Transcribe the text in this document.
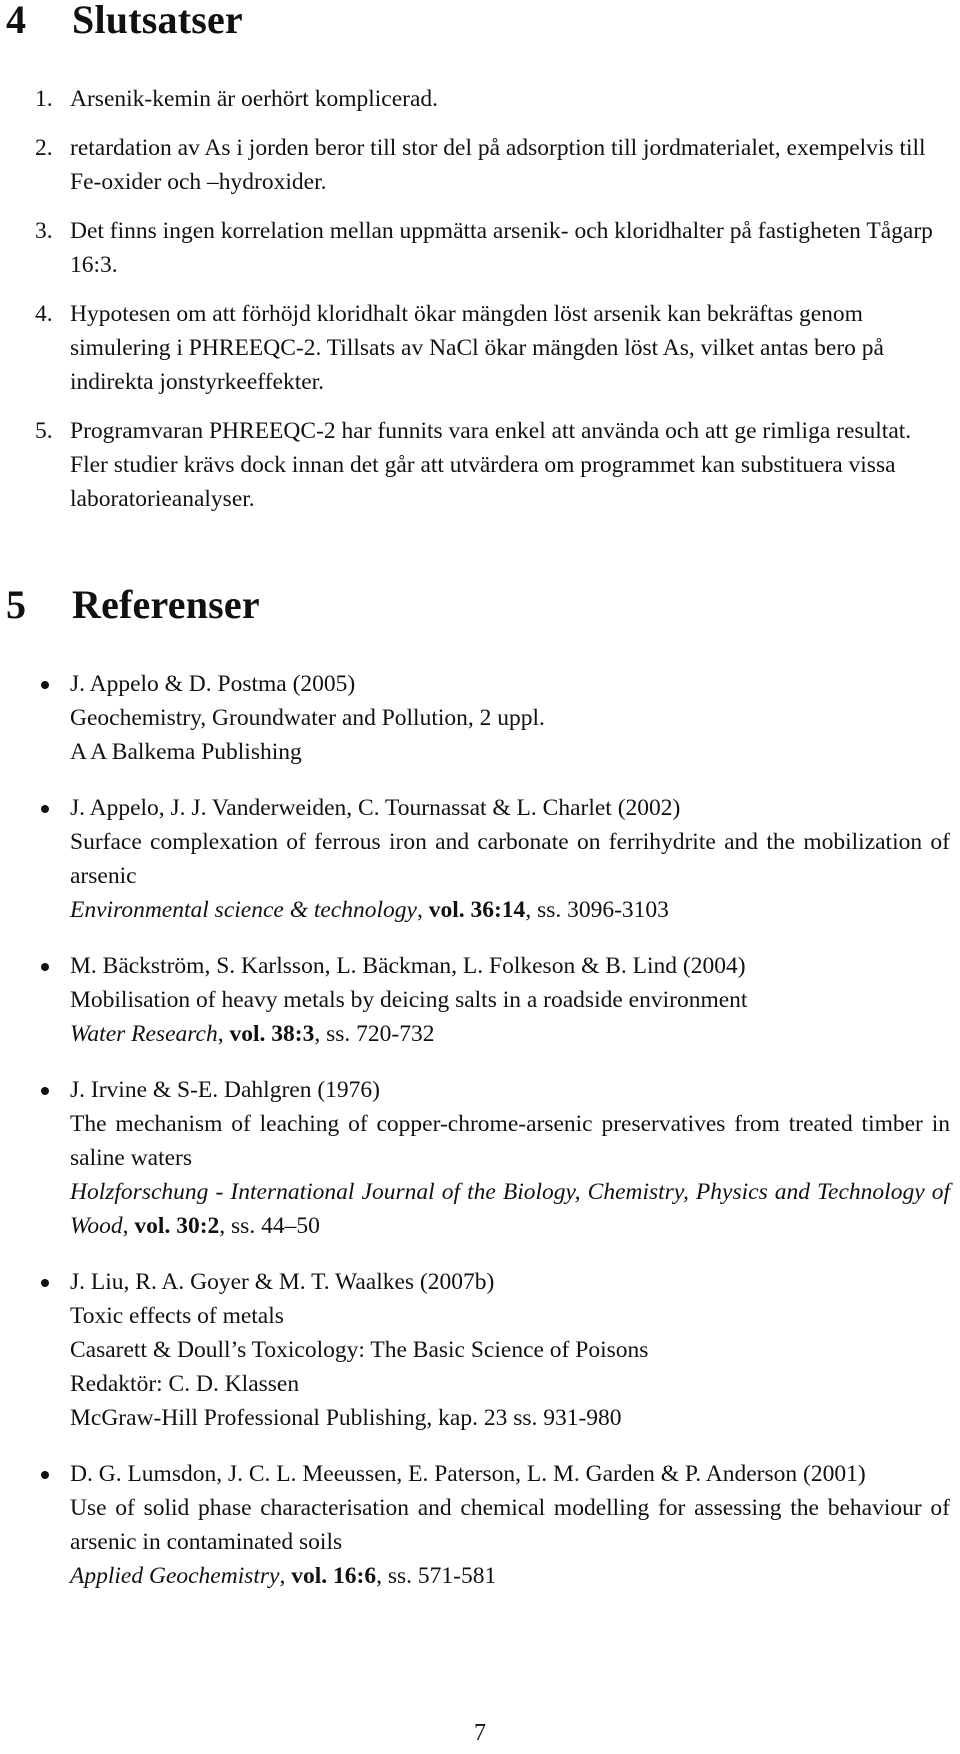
4 Slutsatser
1. Arsenik-kemin är oerhört komplicerad.
2. retardation av As i jorden beror till stor del på adsorption till jordmaterialet, exempelvis till Fe-oxider och –hydroxider.
3. Det finns ingen korrelation mellan uppmätta arsenik- och kloridhalter på fastigheten Tågarp 16:3.
4. Hypotesen om att förhöjd kloridhalt ökar mängden löst arsenik kan bekräftas genom simulering i PHREEQC-2. Tillsats av NaCl ökar mängden löst As, vilket antas bero på indirekta jonstyrkeeffekter.
5. Programvaran PHREEQC-2 har funnits vara enkel att använda och att ge rimliga resultat. Fler studier krävs dock innan det går att utvärdera om programmet kan substituera vissa laboratorieanalyser.
5 Referenser
J. Appelo & D. Postma (2005)
Geochemistry, Groundwater and Pollution, 2 uppl.
A A Balkema Publishing
J. Appelo, J. J. Vanderweiden, C. Tournassat & L. Charlet (2002)
Surface complexation of ferrous iron and carbonate on ferrihydrite and the mobilization of arsenic
Environmental science & technology, vol. 36:14, ss. 3096-3103
M. Bäckström, S. Karlsson, L. Bäckman, L. Folkeson & B. Lind (2004)
Mobilisation of heavy metals by deicing salts in a roadside environment
Water Research, vol. 38:3, ss. 720-732
J. Irvine & S-E. Dahlgren (1976)
The mechanism of leaching of copper-chrome-arsenic preservatives from treated timber in saline waters
Holzforschung - International Journal of the Biology, Chemistry, Physics and Technology of Wood, vol. 30:2, ss. 44–50
J. Liu, R. A. Goyer & M. T. Waalkes (2007b)
Toxic effects of metals
Casarett & Doull’s Toxicology: The Basic Science of Poisons
Redaktör: C. D. Klassen
McGraw-Hill Professional Publishing, kap. 23 ss. 931-980
D. G. Lumsdon, J. C. L. Meeussen, E. Paterson, L. M. Garden & P. Anderson (2001)
Use of solid phase characterisation and chemical modelling for assessing the behaviour of arsenic in contaminated soils
Applied Geochemistry, vol. 16:6, ss. 571-581
7
